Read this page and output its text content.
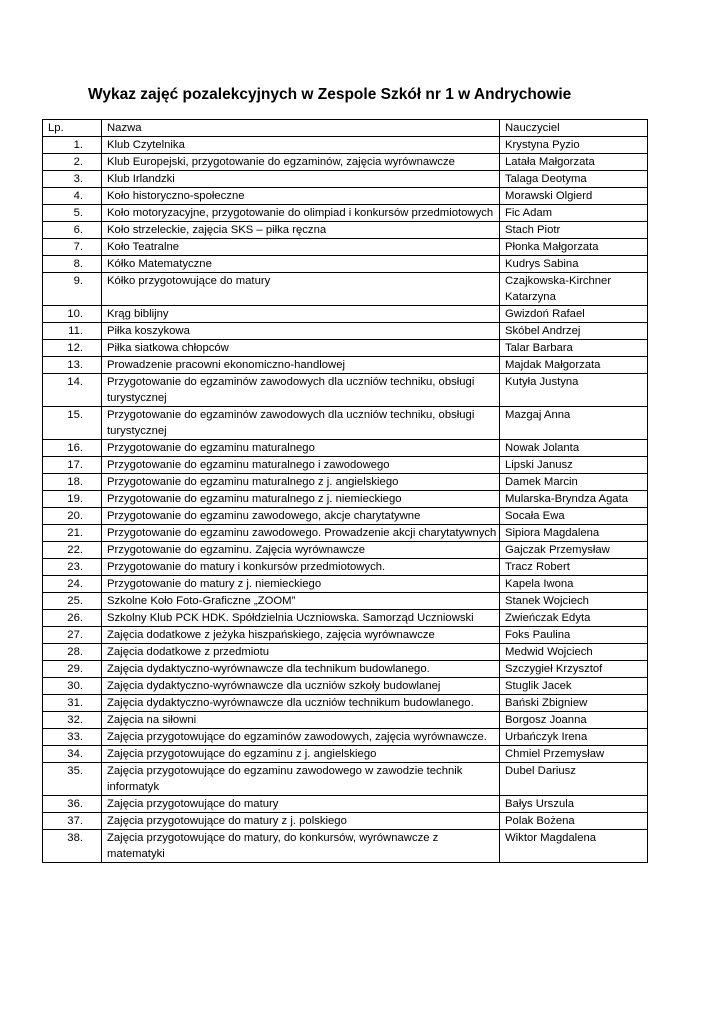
Wykaz zajęć pozalekcyjnych w Zespole Szkół nr 1 w Andrychowie
Lp.	Nazwa	Nauczyciel
1.	Klub Czytelnika	Krystyna Pyzio
2.	Klub Europejski, przygotowanie do egzaminów, zajęcia wyrównawcze	Latała Małgorzata
3.	Klub Irlandzki	Talaga Deotyma
4.	Koło historyczno-społeczne	Morawski Olgierd
5.	Koło motoryzacyjne, przygotowanie do olimpiad i konkursów przedmiotowych	Fic Adam
6.	Koło strzeleckie, zajęcia SKS – piłka ręczna	Stach Piotr
7.	Koło Teatralne	Płonka Małgorzata
8.	Kółko Matematyczne	Kudrys Sabina
9.	Kółko przygotowujące do matury	Czajkowska-Kirchner Katarzyna
10.	Krąg biblijny	Gwizdoń Rafael
11.	Piłka koszykowa	Skóbel Andrzej
12.	Piłka siatkowa chłopców	Talar Barbara
13.	Prowadzenie pracowni ekonomiczno-handlowej	Majdak Małgorzata
14.	Przygotowanie do egzaminów zawodowych dla uczniów techniku, obsługi turystycznej	Kutyła Justyna
15.	Przygotowanie do egzaminów zawodowych dla uczniów techniku, obsługi turystycznej	Mazgaj Anna
16.	Przygotowanie do egzaminu maturalnego	Nowak Jolanta
17.	Przygotowanie do egzaminu maturalnego i zawodowego	Lipski Janusz
18.	Przygotowanie do egzaminu maturalnego z j. angielskiego	Damek Marcin
19.	Przygotowanie do egzaminu maturalnego z j. niemieckiego	Mularska-Bryndza Agata
20.	Przygotowanie do egzaminu zawodowego, akcje charytatywne	Socała Ewa
21.	Przygotowanie do egzaminu zawodowego. Prowadzenie akcji charytatywnych	Sipiora Magdalena
22.	Przygotowanie do egzaminu. Zajęcia wyrównawcze	Gajczak Przemysław
23.	Przygotowanie do matury i konkursów przedmiotowych.	Tracz Robert
24.	Przygotowanie do matury z j. niemieckiego	Kapela Iwona
25.	Szkolne Koło Foto-Graficzne „ZOOM”	Stanek Wojciech
26.	Szkolny Klub PCK HDK. Spółdzielnia Uczniowska. Samorząd Uczniowski	Zwieńczak Edyta
27.	Zajęcia dodatkowe z jeżyka hiszpańskiego, zajęcia wyrównawcze	Foks Paulina
28.	Zajęcia dodatkowe z przedmiotu	Medwid Wojciech
29.	Zajęcia dydaktyczno-wyrównawcze dla technikum budowlanego.	Szczygieł Krzysztof
30.	Zajęcia dydaktyczno-wyrównawcze dla uczniów szkoły budowlanej	Stuglik Jacek
31.	Zajęcia dydaktyczno-wyrównawcze dla uczniów technikum budowlanego.	Bański Zbigniew
32.	Zajęcia na siłowni	Borgosz Joanna
33.	Zajęcia przygotowujące do egzaminów zawodowych, zajęcia wyrównawcze.	Urbańczyk Irena
34.	Zajęcia przygotowujące do egzaminu z j. angielskiego	Chmiel Przemysław
35.	Zajęcia przygotowujące do egzaminu zawodowego w zawodzie technik informatyk	Dubel Dariusz
36.	Zajęcia przygotowujące do matury	Bałys Urszula
37.	Zajęcia przygotowujące do matury z j. polskiego	Polak Bożena
38.	Zajęcia przygotowujące do matury, do konkursów, wyrównawcze z matematyki	Wiktor Magdalena
